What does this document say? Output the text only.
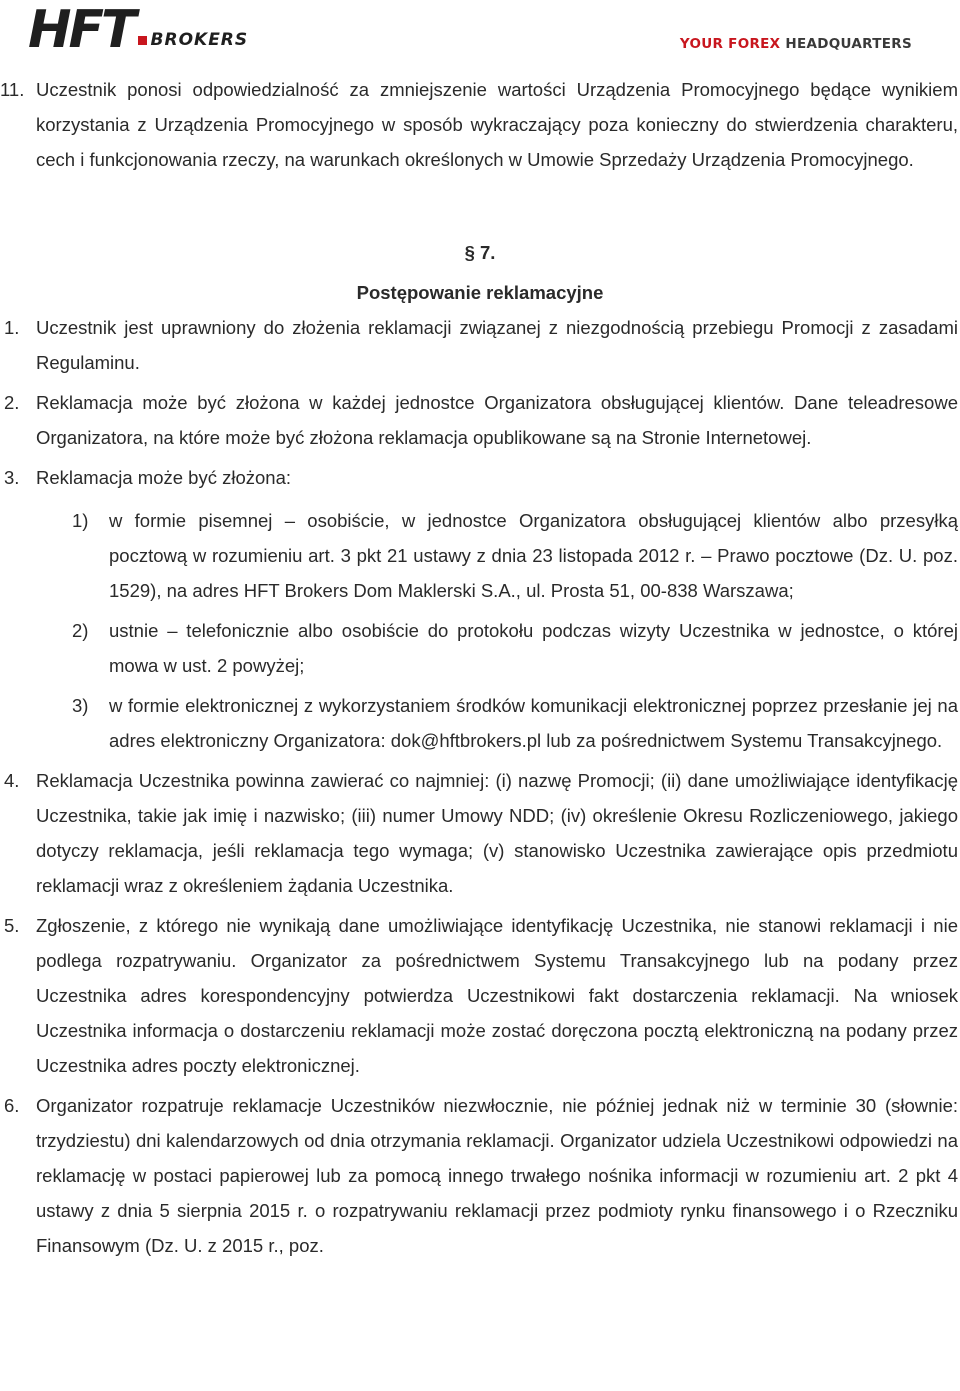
HFT BROKERS	YOUR FOREX HEADQUARTERS
11. Uczestnik ponosi odpowiedzialność za zmniejszenie wartości Urządzenia Promocyjnego będące wynikiem korzystania z Urządzenia Promocyjnego w sposób wykraczający poza konieczny do stwierdzenia charakteru, cech i funkcjonowania rzeczy, na warunkach określonych w Umowie Sprzedaży Urządzenia Promocyjnego.
§ 7.
Postępowanie reklamacyjne
1. Uczestnik jest uprawniony do złożenia reklamacji związanej z niezgodnością przebiegu Promocji z zasadami Regulaminu.
2. Reklamacja może być złożona w każdej jednostce Organizatora obsługującej klientów. Dane teleadresowe Organizatora, na które może być złożona reklamacja opublikowane są na Stronie Internetowej.
3. Reklamacja może być złożona:
1) w formie pisemnej – osobiście, w jednostce Organizatora obsługującej klientów albo przesyłką pocztową w rozumieniu art. 3 pkt 21 ustawy z dnia 23 listopada 2012 r. – Prawo pocztowe (Dz. U. poz. 1529), na adres HFT Brokers Dom Maklerski S.A., ul. Prosta 51, 00-838 Warszawa;
2) ustnie – telefonicznie albo osobiście do protokołu podczas wizyty Uczestnika w jednostce, o której mowa w ust. 2 powyżej;
3) w formie elektronicznej z wykorzystaniem środków komunikacji elektronicznej poprzez przesłanie jej na adres elektroniczny Organizatora: dok@hftbrokers.pl lub za pośrednictwem Systemu Transakcyjnego.
4. Reklamacja Uczestnika powinna zawierać co najmniej: (i) nazwę Promocji; (ii) dane umożliwiające identyfikację Uczestnika, takie jak imię i nazwisko; (iii) numer Umowy NDD; (iv) określenie Okresu Rozliczeniowego, jakiego dotyczy reklamacja, jeśli reklamacja tego wymaga; (v) stanowisko Uczestnika zawierające opis przedmiotu reklamacji wraz z określeniem żądania Uczestnika.
5. Zgłoszenie, z którego nie wynikają dane umożliwiające identyfikację Uczestnika, nie stanowi reklamacji i nie podlega rozpatrywaniu. Organizator za pośrednictwem Systemu Transakcyjnego lub na podany przez Uczestnika adres korespondencyjny potwierdza Uczestnikowi fakt dostarczenia reklamacji. Na wniosek Uczestnika informacja o dostarczeniu reklamacji może zostać doręczona pocztą elektroniczną na podany przez Uczestnika adres poczty elektronicznej.
6. Organizator rozpatruje reklamacje Uczestników niezwłocznie, nie później jednak niż w terminie 30 (słownie: trzydziestu) dni kalendarzowych od dnia otrzymania reklamacji. Organizator udziela Uczestnikowi odpowiedzi na reklamację w postaci papierowej lub za pomocą innego trwałego nośnika informacji w rozumieniu art. 2 pkt 4 ustawy z dnia 5 sierpnia 2015 r. o rozpatrywaniu reklamacji przez podmioty rynku finansowego i o Rzeczniku Finansowym (Dz. U. z 2015 r., poz.
